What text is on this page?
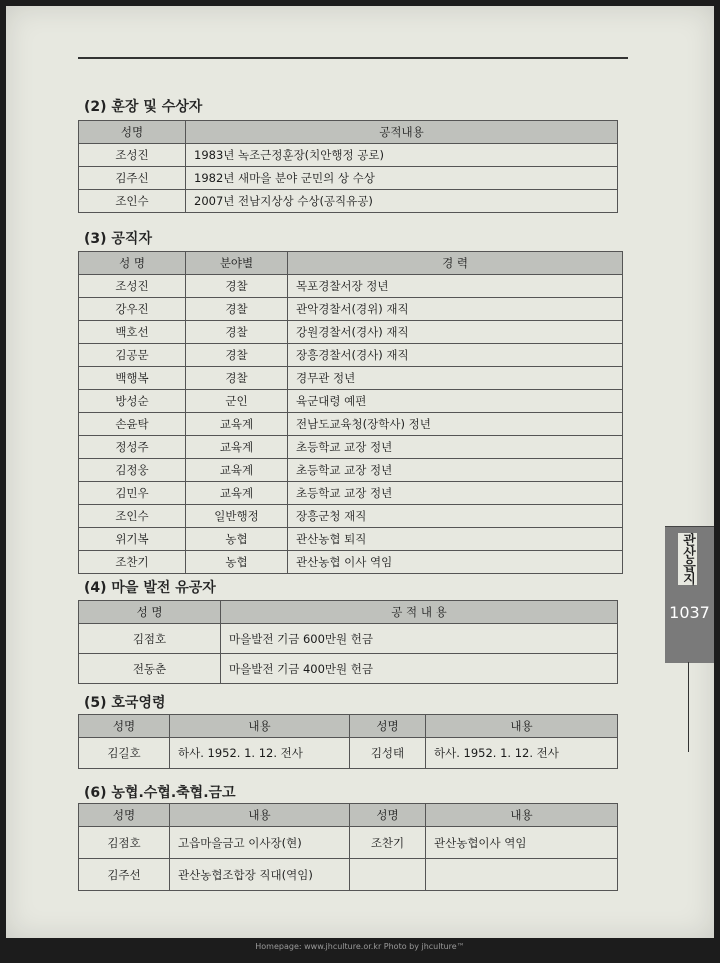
(2) 훈장 및 수상자
성명	공적내용
조성진	1983년 녹조근정훈장(치안행정 공로)
김주신	1982년 새마을 분야 군민의 상 수상
조인수	2007년 전남지상상 수상(공직유공)
(3) 공직자
성 명	분야별	경 력
조성진	경찰	목포경찰서장 정년
강우진	경찰	관악경찰서(경위) 재직
백호선	경찰	강원경찰서(경사) 재직
김공문	경찰	장흥경찰서(경사) 재직
백행복	경찰	경무관 정년
방성순	군인	육군대령 예편
손윤탁	교육계	전남도교육청(장학사) 정년
정성주	교육계	초등학교 교장 정년
김정웅	교육계	초등학교 교장 정년
김민우	교육계	초등학교 교장 정년
조인수	일반행정	장흥군청 재직
위기복	농협	관산농협 퇴직
조찬기	농협	관산농협 이사 역임
(4) 마을 발전 유공자
성 명	공 적 내 용
김점호	마을발전 기금 600만원 헌금
전동춘	마을발전 기금 400만원 헌금
(5) 호국영령
성명	내용	성명	내용
김길호	하사. 1952. 1. 12. 전사	김성태	하사. 1952. 1. 12. 전사
(6) 농협.수협.축협.금고
성명	내용	성명	내용
김점호	고읍마을금고 이사장(현)	조찬기	관산농협이사 역임
김주선	관산농협조합장 직대(역임)		
관산읍지
1037
Homepage: www.jhculture.or.kr Photo by jhculture™
